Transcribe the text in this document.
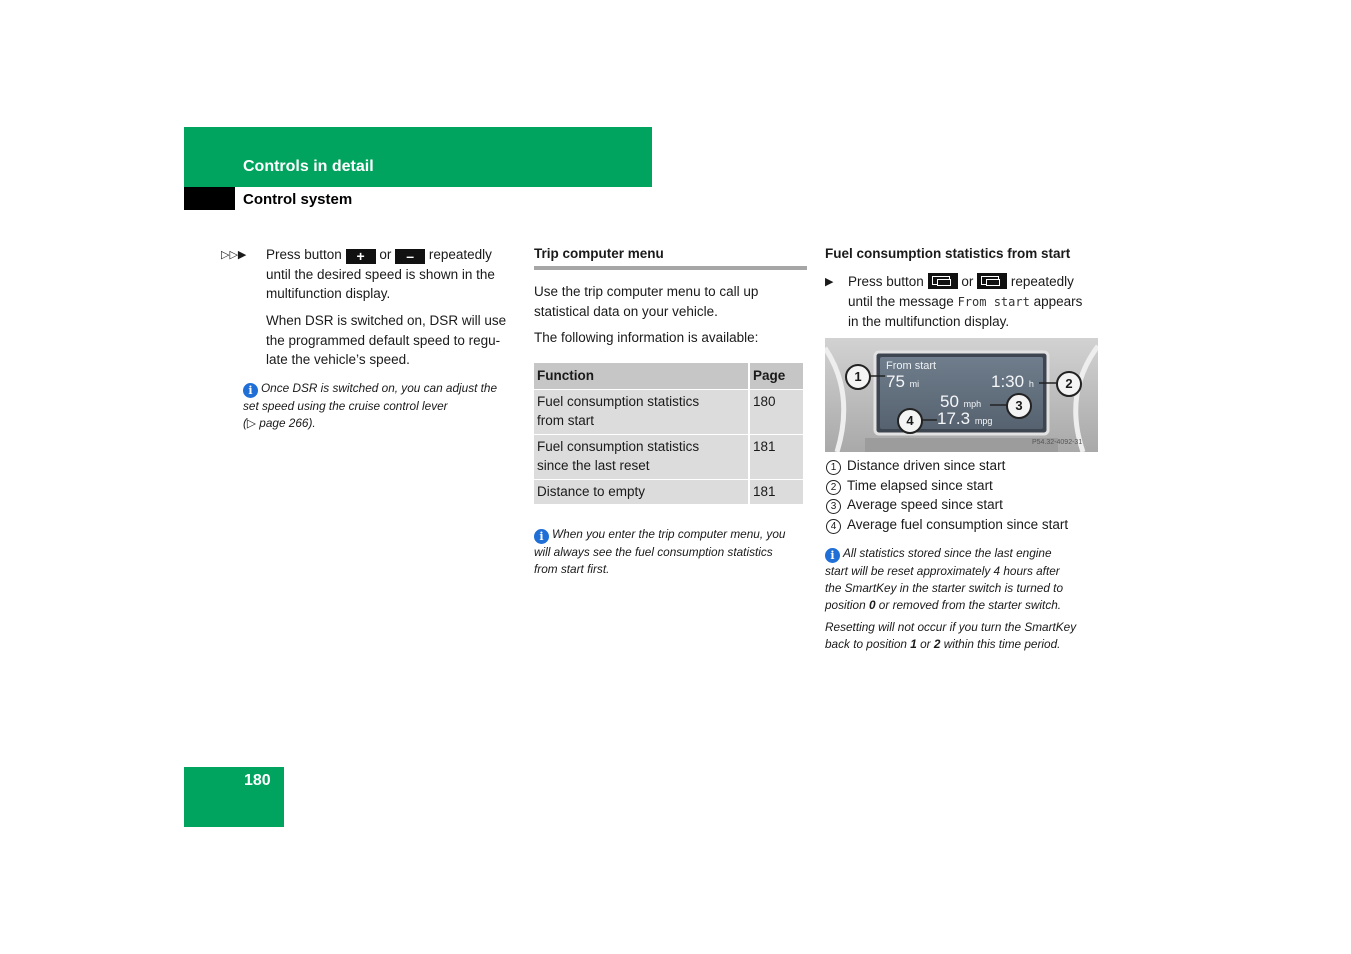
Controls in detail
Control system
▷▷▶ Press button + or – repeatedly
until the desired speed is shown in the
multifunction display.
When DSR is switched on, DSR will use
the programmed default speed to regu-
late the vehicle’s speed.
i Once DSR is switched on, you can adjust the
set speed using the cruise control lever
(▷ page 266).
Trip computer menu
Use the trip computer menu to call up
statistical data on your vehicle.
The following information is available:
Function	Page

Fuel consumption statistics
from start	180

Fuel consumption statistics
since the last reset	181
Distance to empty	181
i When you enter the trip computer menu, you
will always see the fuel consumption statistics
from start first.
Fuel consumption statistics from start
▶ Press button	or	repeatedly
until the message From start appears
in the multifunction display.
From start
75 mi	1:30 h
50 mph
17.3 mpg
1	2
3
4
P54.32-4092-31
1 Distance driven since start
2 Time elapsed since start
3 Average speed since start
4 Average fuel consumption since start
i All statistics stored since the last engine
start will be reset approximately 4 hours after
the SmartKey in the starter switch is turned to
position 0 or removed from the starter switch.
Resetting will not occur if you turn the SmartKey
back to position 1 or 2 within this time period.
180
